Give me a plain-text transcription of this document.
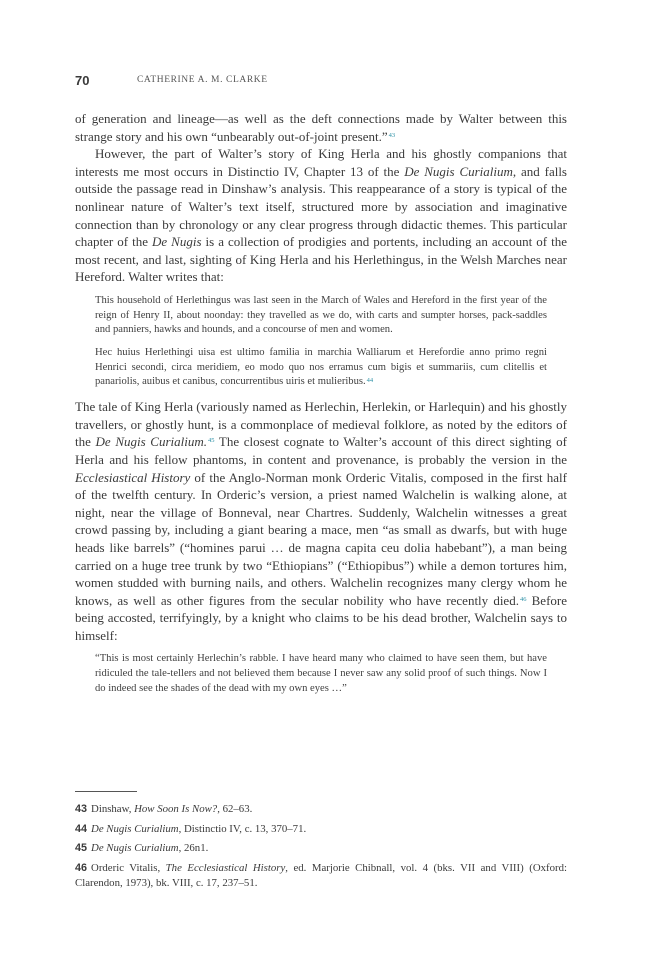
70	CATHERINE A. M. CLARKE

of generation and lineage—as well as the deft connections made by Walter between this strange story and his own “unbearably out-of-joint present.”$^{43}$

However, the part of Walter’s story of King Herla and his ghostly companions that interests me most occurs in Distinctio IV, Chapter 13 of the De Nugis Curialium, and falls outside the passage read in Dinshaw’s analysis. This reappearance of a story is typical of the nonlinear nature of Walter’s text itself, structured more by association and imaginative connection than by chronology or any clear progress through didactic themes. This particular chapter of the De Nugis is a collection of prodigies and portents, including an account of the most recent, and last, sighting of King Herla and his Herlethingus, in the Welsh Marches near Hereford. Walter writes that:

This household of Herlethingus was last seen in the March of Wales and Hereford in the first year of the reign of Henry II, about noonday: they travelled as we do, with carts and sumpter horses, pack-saddles and panniers, hawks and hounds, and a concourse of men and women.

Hec huius Herlethingi uisa est ultimo familia in marchia Walliarum et Herefordie anno primo regni Henrici secondi, circa meridiem, eo modo quo nos erramus cum bigis et summariis, cum clitellis et panariolis, auibus et canibus, concurrentibus uiris et mulieribus.$^{44}$

The tale of King Herla (variously named as Herlechin, Herlekin, or Harlequin) and his ghostly travellers, or ghostly hunt, is a commonplace of medieval folklore, as noted by the editors of the De Nugis Curialium.$^{45}$ The closest cognate to Walter’s account of this direct sighting of Herla and his fellow phantoms, in content and provenance, is probably the version in the Ecclesiastical History of the Anglo-Norman monk Orderic Vitalis, composed in the first half of the twelfth century. In Orderic’s version, a priest named Walchelin is walking alone, at night, near the village of Bonneval, near Chartres. Suddenly, Walchelin witnesses a great crowd passing by, including a giant bearing a mace, men “as small as dwarfs, but with huge heads like barrels” (“homines parui … de magna capita ceu dolia habebant”), a man being carried on a huge tree trunk by two “Ethiopians” (“Ethiopibus”) while a demon tortures him, women studded with burning nails, and others. Walchelin recognizes many clergy whom he knows, as well as other figures from the secular nobility who have recently died.$^{46}$ Before being accosted, terrifyingly, by a knight who claims to be his dead brother, Walchelin says to himself:

“This is most certainly Herlechin’s rabble. I have heard many who claimed to have seen them, but have ridiculed the tale-tellers and not believed them because I never saw any solid proof of such things. Now I do indeed see the shades of the dead with my own eyes …”

43 Dinshaw, How Soon Is Now?, 62–63.

44 De Nugis Curialium, Distinctio IV, c. 13, 370–71.

45 De Nugis Curialium, 26n1.

46 Orderic Vitalis, The Ecclesiastical History, ed. Marjorie Chibnall, vol. 4 (bks. VII and VIII) (Oxford: Clarendon, 1973), bk. VIII, c. 17, 237–51.
